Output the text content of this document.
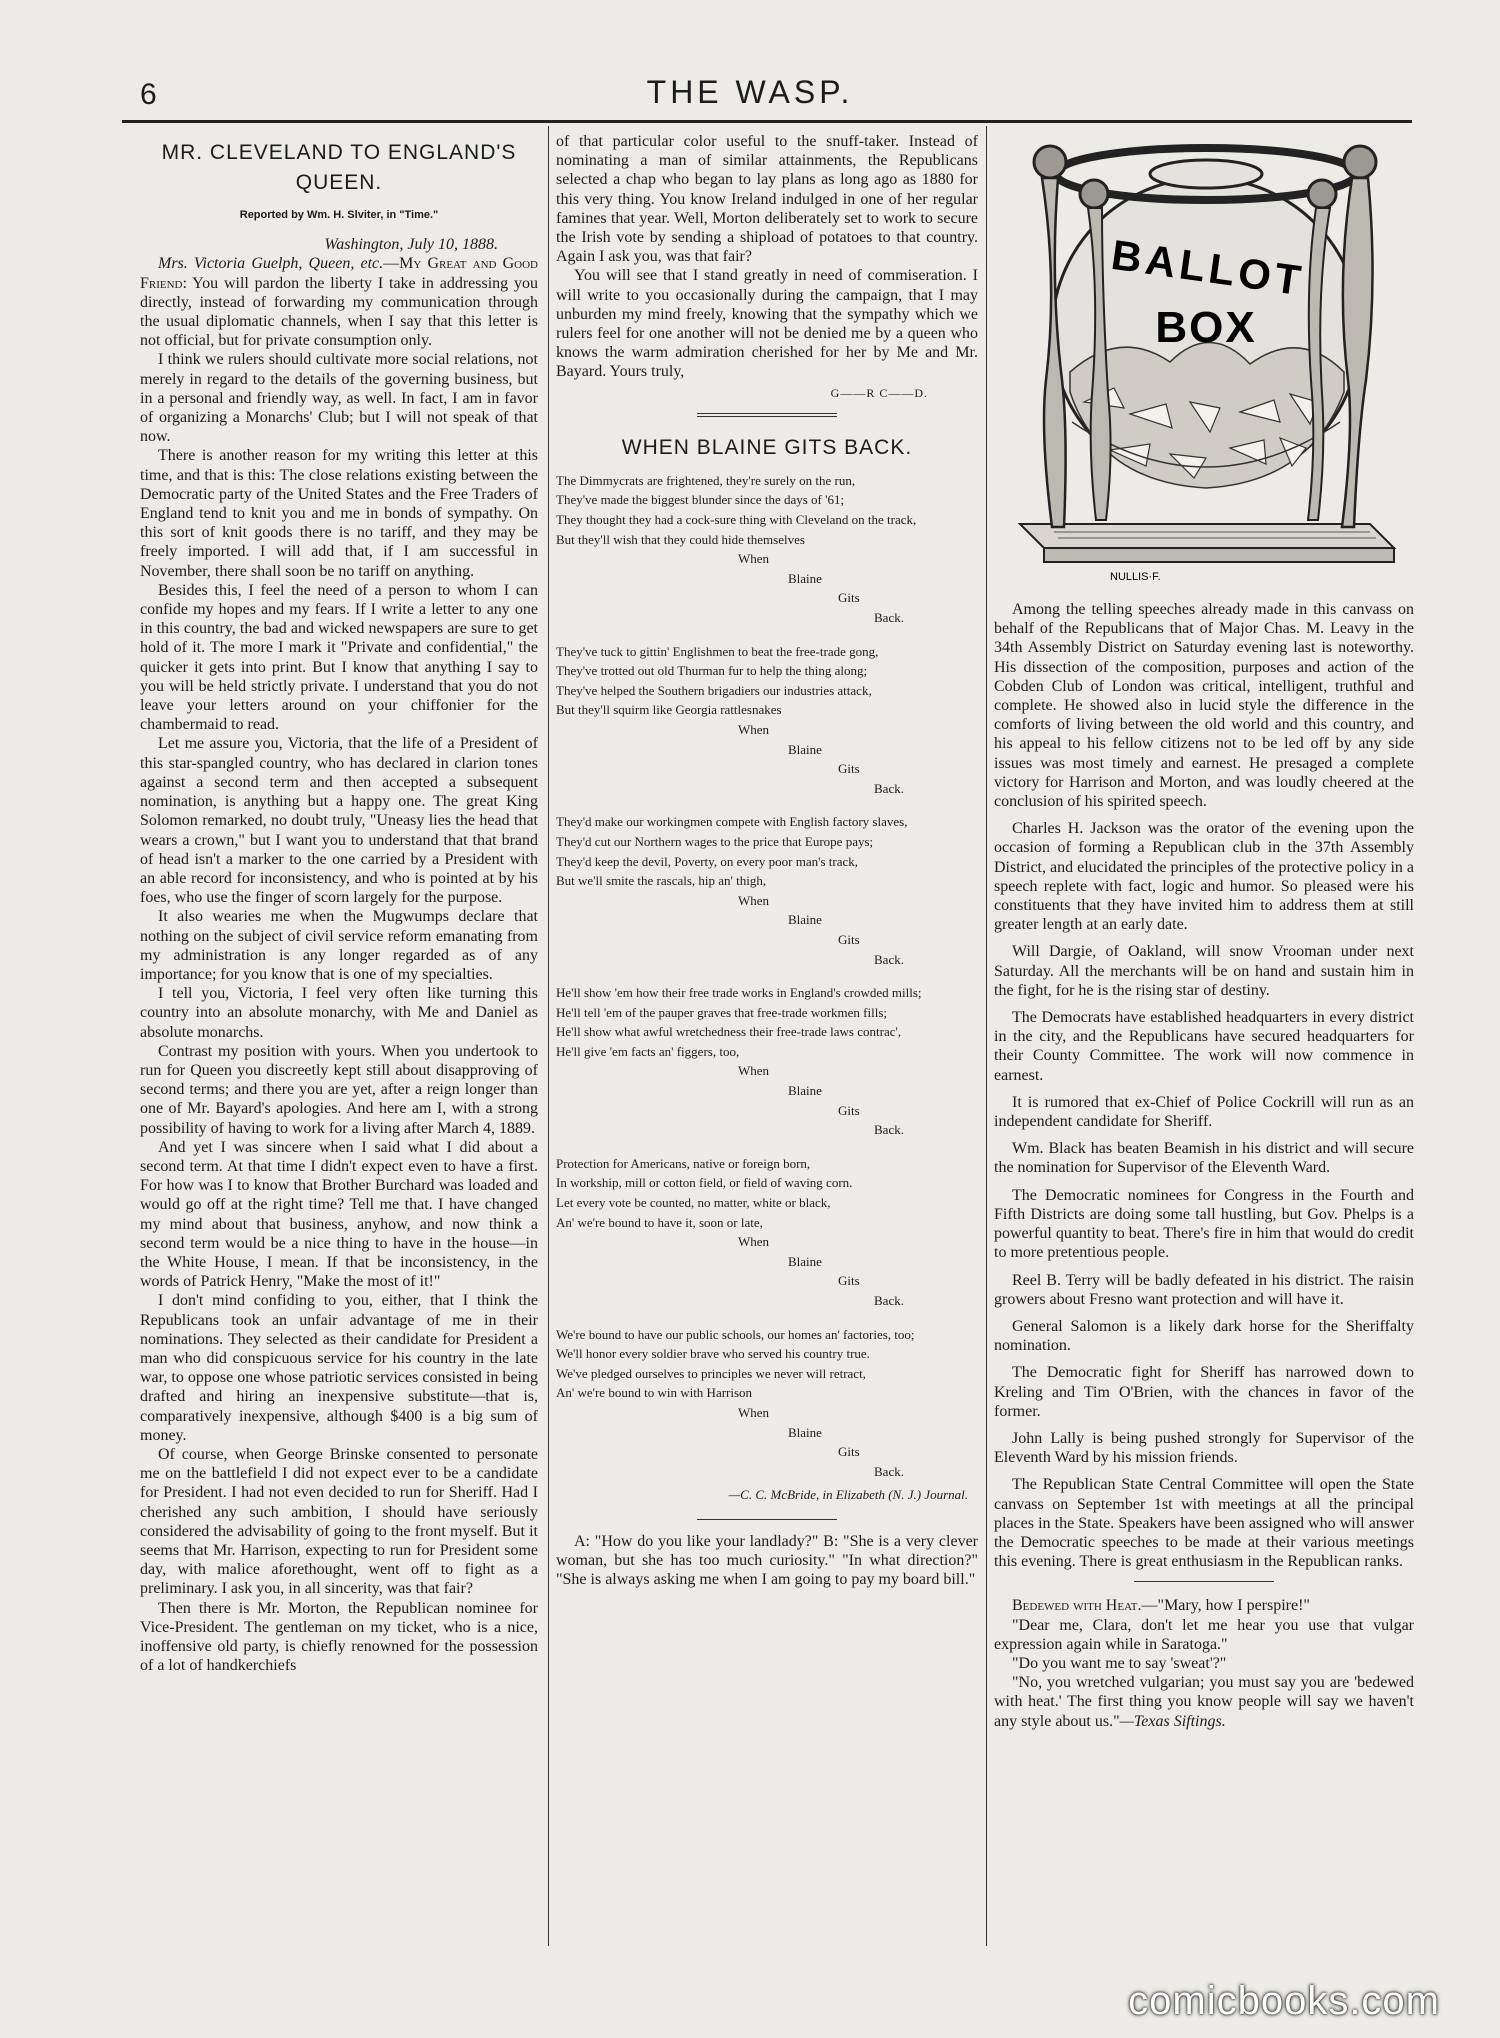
6	THE WASP.
MR. CLEVELAND TO ENGLAND'S QUEEN.
Reported by Wm. H. Slviter, in "Time."

Washington, July 10, 1888.

Mrs. Victoria Guelph, Queen, etc.—My Great and Good Friend: You will pardon the liberty I take in addressing you directly, instead of forwarding my communication through the usual diplomatic channels, when I say that this letter is not official, but for private consumption only.

I think we rulers should cultivate more social relations, not merely in regard to the details of the governing business, but in a personal and friendly way, as well. In fact, I am in favor of organizing a Monarchs' Club; but I will not speak of that now.

There is another reason for my writing this letter at this time, and that is this: The close relations existing between the Democratic party of the United States and the Free Traders of England tend to knit you and me in bonds of sympathy. On this sort of knit goods there is no tariff, and they may be freely imported. I will add that, if I am successful in November, there shall soon be no tariff on anything.

Besides this, I feel the need of a person to whom I can confide my hopes and my fears. If I write a letter to any one in this country, the bad and wicked newspapers are sure to get hold of it. The more I mark it "Private and confidential," the quicker it gets into print. But I know that anything I say to you will be held strictly private. I understand that you do not leave your letters around on your chiffonier for the chambermaid to read.

Let me assure you, Victoria, that the life of a President of this star-spangled country, who has declared in clarion tones against a second term and then accepted a subsequent nomination, is anything but a happy one. The great King Solomon remarked, no doubt truly, "Uneasy lies the head that wears a crown," but I want you to understand that that brand of head isn't a marker to the one carried by a President with an able record for inconsistency, and who is pointed at by his foes, who use the finger of scorn largely for the purpose.

It also wearies me when the Mugwumps declare that nothing on the subject of civil service reform emanating from my administration is any longer regarded as of any importance; for you know that is one of my specialties.

I tell you, Victoria, I feel very often like turning this country into an absolute monarchy, with Me and Daniel as absolute monarchs.

Contrast my position with yours. When you undertook to run for Queen you discreetly kept still about disapproving of second terms; and there you are yet, after a reign longer than one of Mr. Bayard's apologies. And here am I, with a strong possibility of having to work for a living after March 4, 1889.

And yet I was sincere when I said what I did about a second term. At that time I didn't expect even to have a first. For how was I to know that Brother Burchard was loaded and would go off at the right time? Tell me that. I have changed my mind about that business, anyhow, and now think a second term would be a nice thing to have in the house—in the White House, I mean. If that be inconsistency, in the words of Patrick Henry, "Make the most of it!"

I don't mind confiding to you, either, that I think the Republicans took an unfair advantage of me in their nominations. They selected as their candidate for President a man who did conspicuous service for his country in the late war, to oppose one whose patriotic services consisted in being drafted and hiring an inexpensive substitute—that is, comparatively inexpensive, although $400 is a big sum of money.

Of course, when George Brinske consented to personate me on the battlefield I did not expect ever to be a candidate for President. I had not even decided to run for Sheriff. Had I cherished any such ambition, I should have seriously considered the advisability of going to the front myself. But it seems that Mr. Harrison, expecting to run for President some day, with malice aforethought, went off to fight as a preliminary. I ask you, in all sincerity, was that fair?

Then there is Mr. Morton, the Republican nominee for Vice-President. The gentleman on my ticket, who is a nice, inoffensive old party, is chiefly renowned for the possession of a lot of handkerchiefs

of that particular color useful to the snuff-taker. Instead of nominating a man of similar attainments, the Republicans selected a chap who began to lay plans as long ago as 1880 for this very thing. You know Ireland indulged in one of her regular famines that year. Well, Morton deliberately set to work to secure the Irish vote by sending a shipload of potatoes to that country. Again I ask you, was that fair?

You will see that I stand greatly in need of commiseration. I will write to you occasionally during the campaign, that I may unburden my mind freely, knowing that the sympathy which we rulers feel for one another will not be denied me by a queen who knows the warm admiration cherished for her by Me and Mr. Bayard. Yours truly,

G——R C——D.
WHEN BLAINE GITS BACK.

The Dimmycrats are frightened, they're surely on the run,

They've made the biggest blunder since the days of '61;

They thought they had a cock-sure thing with Cleveland on the track,

But they'll wish that they could hide themselves

When
Blaine
Gits
Back.

They've tuck to gittin' Englishmen to beat the free-trade gong,

They've trotted out old Thurman fur to help the thing along;

They've helped the Southern brigadiers our industries attack,

But they'll squirm like Georgia rattlesnakes

When
Blaine
Gits
Back.

They'd make our workingmen compete with English factory slaves,

They'd cut our Northern wages to the price that Europe pays;

They'd keep the devil, Poverty, on every poor man's track,

But we'll smite the rascals, hip an' thigh,

When
Blaine
Gits
Back.

He'll show 'em how their free trade works in England's crowded mills;

He'll tell 'em of the pauper graves that free-trade workmen fills;

He'll show what awful wretchedness their free-trade laws contrac',

He'll give 'em facts an' figgers, too,

When
Blaine
Gits
Back.

Protection for Americans, native or foreign born,

In workship, mill or cotton field, or field of waving corn.

Let every vote be counted, no matter, white or black,

An' we're bound to have it, soon or late,

When
Blaine
Gits
Back.

We're bound to have our public schools, our homes an' factories, too;

We'll honor every soldier brave who served his country true.

We've pledged ourselves to principles we never will retract,

An' we're bound to win with Harrison

When
Blaine
Gits
Back.
—C. C. McBride, in Elizabeth (N. J.) Journal.

A: "How do you like your landlady?" B: "She is a very clever woman, but she has too much curiosity." "In what direction?" "She is always asking me when I am going to pay my board bill."

BALLOT
BOX
NULLIS·F.

Among the telling speeches already made in this canvass on behalf of the Republicans that of Major Chas. M. Leavy in the 34th Assembly District on Saturday evening last is noteworthy. His dissection of the composition, purposes and action of the Cobden Club of London was critical, intelligent, truthful and complete. He showed also in lucid style the difference in the comforts of living between the old world and this country, and his appeal to his fellow citizens not to be led off by any side issues was most timely and earnest. He presaged a complete victory for Harrison and Morton, and was loudly cheered at the conclusion of his spirited speech.

Charles H. Jackson was the orator of the evening upon the occasion of forming a Republican club in the 37th Assembly District, and elucidated the principles of the protective policy in a speech replete with fact, logic and humor. So pleased were his constituents that they have invited him to address them at still greater length at an early date.

Will Dargie, of Oakland, will snow Vrooman under next Saturday. All the merchants will be on hand and sustain him in the fight, for he is the rising star of destiny.

The Democrats have established headquarters in every district in the city, and the Republicans have secured headquarters for their County Committee. The work will now commence in earnest.

It is rumored that ex-Chief of Police Cockrill will run as an independent candidate for Sheriff.

Wm. Black has beaten Beamish in his district and will secure the nomination for Supervisor of the Eleventh Ward.

The Democratic nominees for Congress in the Fourth and Fifth Districts are doing some tall hustling, but Gov. Phelps is a powerful quantity to beat. There's fire in him that would do credit to more pretentious people.

Reel B. Terry will be badly defeated in his district. The raisin growers about Fresno want protection and will have it.

General Salomon is a likely dark horse for the Sheriffalty nomination.

The Democratic fight for Sheriff has narrowed down to Kreling and Tim O'Brien, with the chances in favor of the former.

John Lally is being pushed strongly for Supervisor of the Eleventh Ward by his mission friends.

The Republican State Central Committee will open the State canvass on September 1st with meetings at all the principal places in the State. Speakers have been assigned who will answer the Democratic speeches to be made at their various meetings this evening. There is great enthusiasm in the Republican ranks.

Bedewed with Heat.—"Mary, how I perspire!"

"Dear me, Clara, don't let me hear you use that vulgar expression again while in Saratoga."

"Do you want me to say 'sweat'?"

"No, you wretched vulgarian; you must say you are 'bedewed with heat.' The first thing you know people will say we haven't any style about us."—Texas Siftings.

comicbooks.com
